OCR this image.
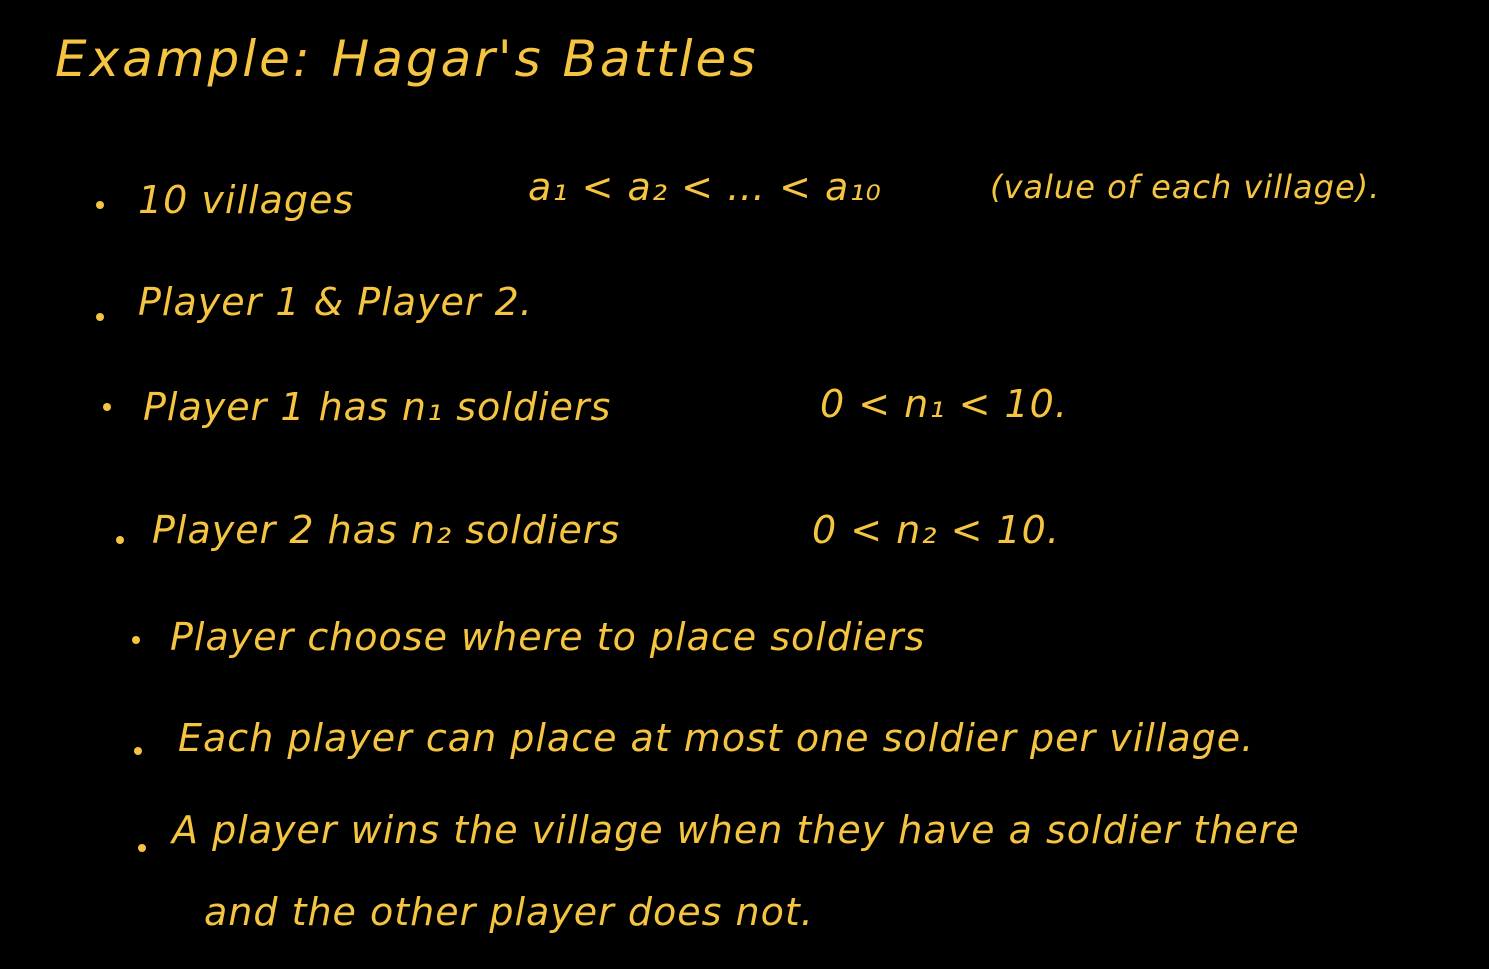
Example: Hagar's Battles
10 villages	a₁ < a₂ < … < a₁₀	(value of each village).
Player 1 & Player 2.
Player 1 has n₁ soldiers	0 < n₁ < 10.
Player 2 has n₂ soldiers	0 < n₂ < 10.
Player choose where to place soldiers
Each player can place at most one soldier per village.
A player wins the village when they have a soldier there
and the other player does not.
